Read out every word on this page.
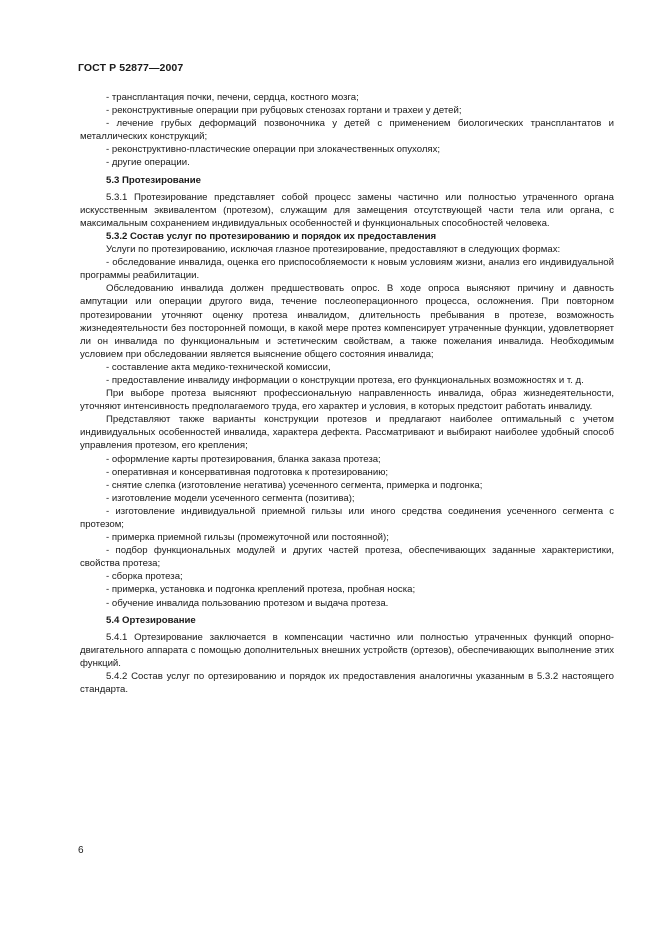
ГОСТ Р 52877—2007

- трансплантация почки, печени, сердца, костного мозга;

- реконструктивные операции при рубцовых стенозах гортани и трахеи у детей;

- лечение грубых деформаций позвоночника у детей с применением биологических трансплантатов и металлических конструкций;

- реконструктивно-пластические операции при злокачественных опухолях;

- другие операции.

5.3 Протезирование

5.3.1 Протезирование представляет собой процесс замены частично или полностью утраченного органа искусственным эквивалентом (протезом), служащим для замещения отсутствующей части тела или органа, с максимальным сохранением индивидуальных особенностей и функциональных способностей человека.

5.3.2 Состав услуг по протезированию и порядок их предоставления

Услуги по протезированию, исключая глазное протезирование, предоставляют в следующих формах:

- обследование инвалида, оценка его приспособляемости к новым условиям жизни, анализ его индивидуальной программы реабилитации.

Обследованию инвалида должен предшествовать опрос. В ходе опроса выясняют причину и давность ампутации или операции другого вида, течение послеоперационного процесса, осложнения. При повторном протезировании уточняют оценку протеза инвалидом, длительность пребывания в протезе, возможность жизнедеятельности без посторонней помощи, в какой мере протез компенсирует утраченные функции, удовлетворяет ли он инвалида по функциональным и эстетическим свойствам, а также пожелания инвалида. Необходимым условием при обследовании является выяснение общего состояния инвалида;

- составление акта медико-технической комиссии,

- предоставление инвалиду информации о конструкции протеза, его функциональных возможностях и т. д.

При выборе протеза выясняют профессиональную направленность инвалида, образ жизнедеятельности, уточняют интенсивность предполагаемого труда, его характер и условия, в которых предстоит работать инвалиду.

Представляют также варианты конструкции протезов и предлагают наиболее оптимальный с учетом индивидуальных особенностей инвалида, характера дефекта. Рассматривают и выбирают наиболее удобный способ управления протезом, его крепления;

- оформление карты протезирования, бланка заказа протеза;

- оперативная и консервативная подготовка к протезированию;

- снятие слепка (изготовление негатива) усеченного сегмента, примерка и подгонка;

- изготовление модели усеченного сегмента (позитива);

- изготовление индивидуальной приемной гильзы или иного средства соединения усеченного сегмента с протезом;

- примерка приемной гильзы (промежуточной или постоянной);

- подбор функциональных модулей и других частей протеза, обеспечивающих заданные характеристики, свойства протеза;

- сборка протеза;

- примерка, установка и подгонка креплений протеза, пробная носка;

- обучение инвалида пользованию протезом и выдача протеза.

5.4 Ортезирование

5.4.1 Ортезирование заключается в компенсации частично или полностью утраченных функций опорно-двигательного аппарата с помощью дополнительных внешних устройств (ортезов), обеспечивающих выполнение этих функций.

5.4.2 Состав услуг по ортезированию и порядок их предоставления аналогичны указанным в 5.3.2 настоящего стандарта.

6
